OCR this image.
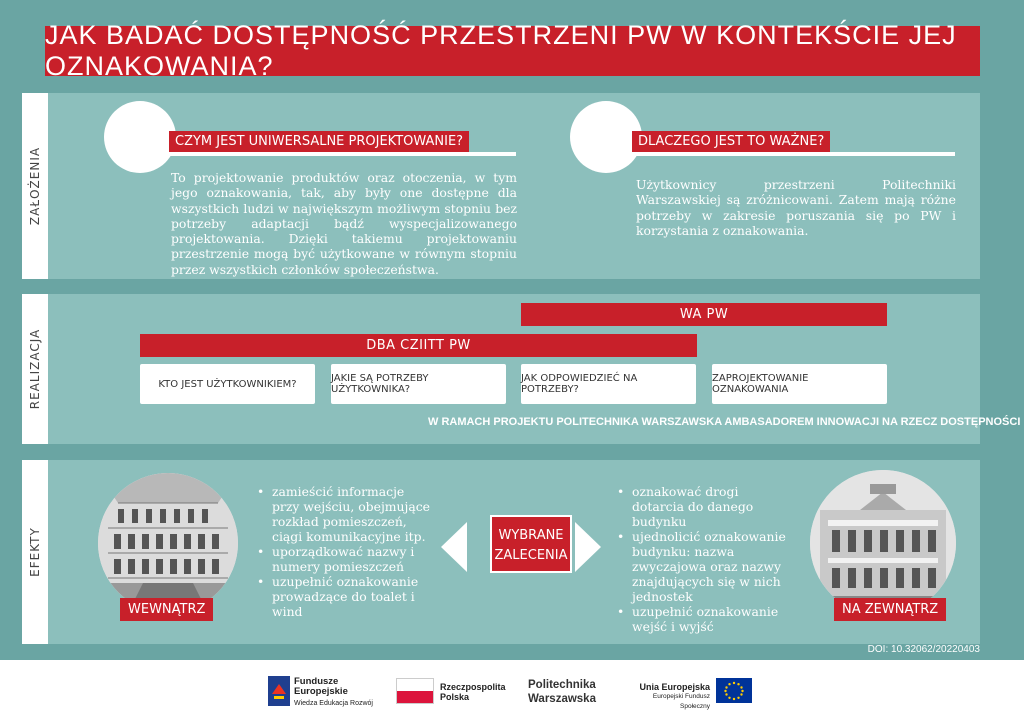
JAK BADAĆ DOSTĘPNOŚĆ PRZESTRZENI PW W KONTEKŚCIE JEJ OZNAKOWANIA?
ZAŁOŻENIA
CZYM JEST UNIWERSALNE PROJEKTOWANIE?
To projektowanie produktów oraz otoczenia, w tym jego oznakowania, tak, aby były one dostępne dla wszystkich ludzi w największym możliwym stopniu bez potrzeby adaptacji bądź wyspecjalizowanego projektowania. Dzięki takiemu projektowaniu przestrzenie mogą być użytkowane w równym stopniu przez wszystkich członków społeczeństwa.
DLACZEGO JEST TO WAŻNE?
Użytkownicy przestrzeni Politechniki Warszawskiej są zróżnicowani. Zatem mają różne potrzeby w zakresie poruszania się po PW i korzystania z oznakowania.
REALIZACJA
WA PW
DBA CZIITT PW
KTO JEST UŻYTKOWNIKIEM?	JAKIE SĄ POTRZEBY UŻYTKOWNIKA?
JAK ODPOWIEDZIEĆ NA POTRZEBY?
ZAPROJEKTOWANIE OZNAKOWANIA
W RAMACH PROJEKTU POLITECHNIKA WARSZAWSKA AMBASADOREM INNOWACJI NA RZECZ DOSTĘPNOŚCI
EFEKTY
WEWNĄTRZ
• zamieścić informacje przy wejściu, obejmujące rozkład pomieszczeń, ciągi komunikacyjne itp.
• uporządkować nazwy i numery pomieszczeń
• uzupełnić oznakowanie prowadzące do toalet i wind
WYBRANE
ZALECENIA
• oznakować drogi dotarcia do danego budynku
• ujednolicić oznakowanie budynku: nazwa zwyczajowa oraz nazwy znajdujących się w nich jednostek
• uzupełnić oznakowanie wejść i wyjść
NA ZEWNĄTRZ
DOI: 10.32062/20220403
Fundusze
Europejskie
Wiedza Edukacja Rozwój
Rzeczpospolita
Polska
Politechnika
Warszawska
Unia Europejska
Europejski Fundusz Społeczny
